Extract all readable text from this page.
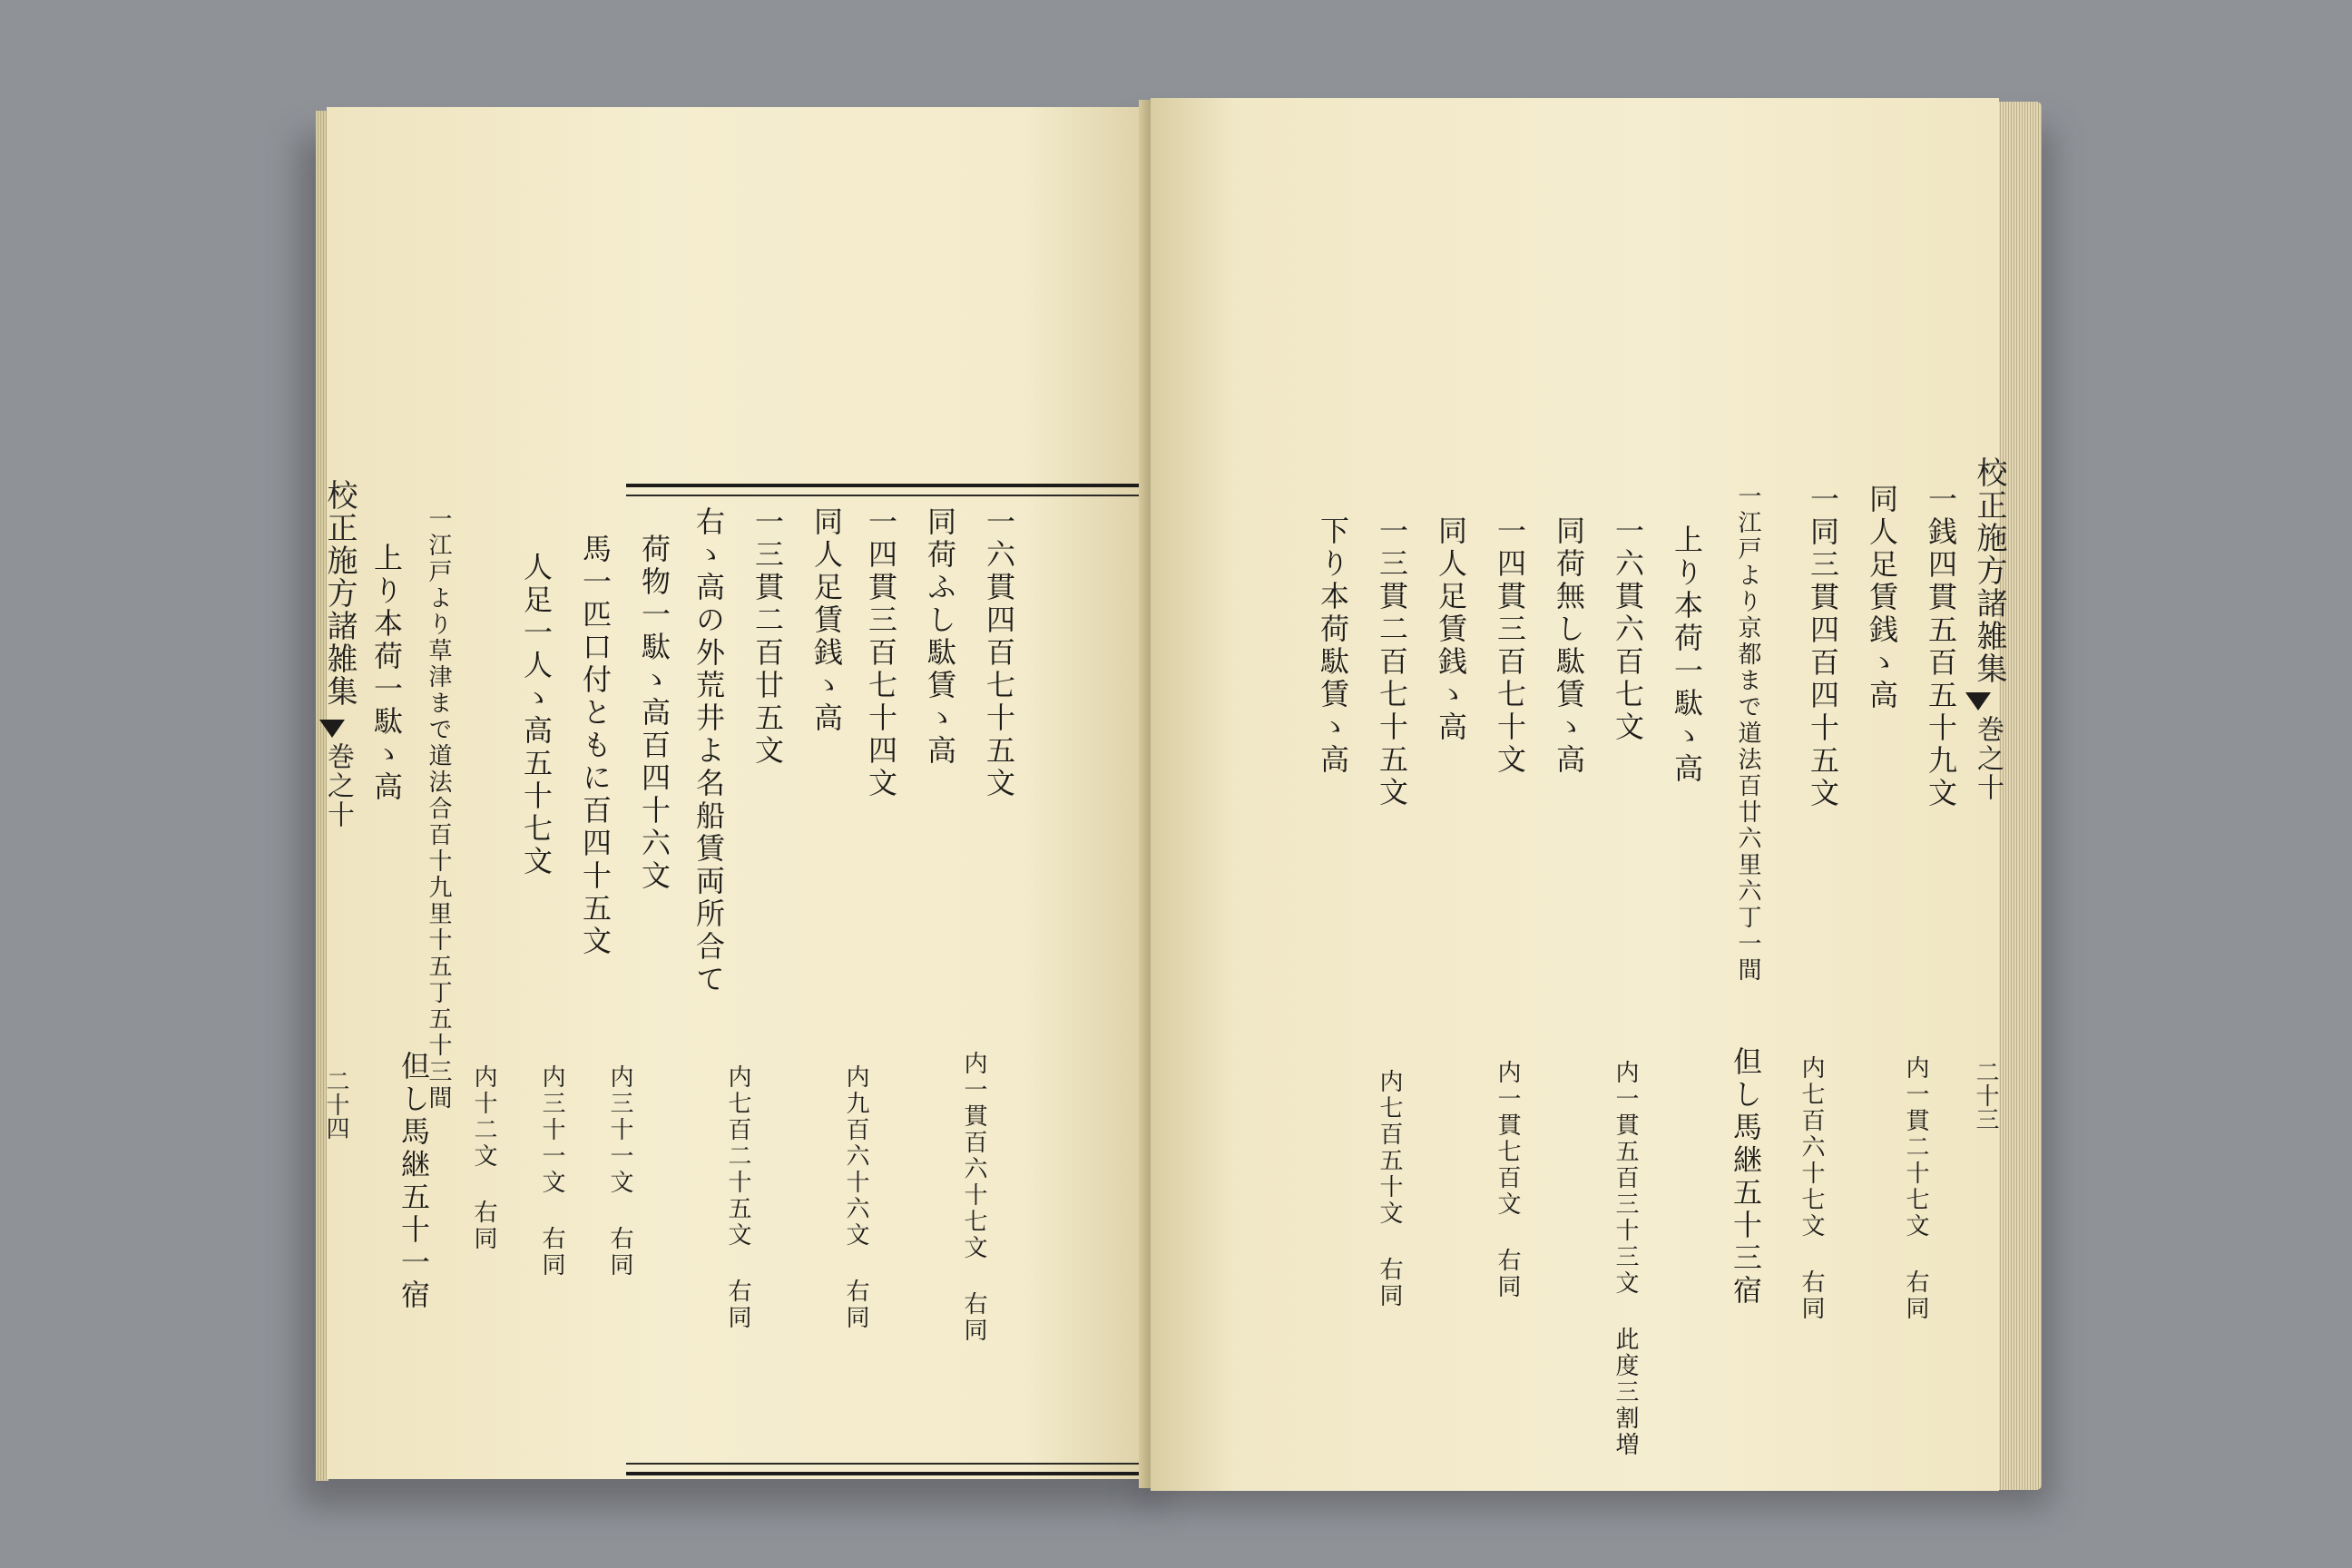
校正施方諸雑集
巻之十
二十四
一六貫四百七十五文
同荷ふし駄賃ゝ高
一四貫三百七十四文
同人足賃銭ゝ高
一三貫二百廿五文
右ゝ高の外荒井よ名船賃両所合て
荷物一駄ゝ高百四十六文
馬一匹口付ともに百四十五文
人足一人ゝ高五十七文
一江戸より草津まで道法合百十九里十五丁五十三間
上り本荷一駄ゝ高
内一貫百六十七文 右同
内九百六十六文 右同
内七百二十五文 右同
内三十一文 右同
内三十一文 右同
内十二文 右同
但し馬継五十一宿
校正施方諸雑集
巻之十
二十三
一銭四貫五百五十九文
同人足賃銭ゝ高
一同三貫四百四十五文
一江戸より京都まで道法百廿六里六丁一間
上り本荷一駄ゝ高
一六貫六百七文
同荷無し駄賃ゝ高
一四貫三百七十文
同人足賃銭ゝ高
一三貫二百七十五文
下り本荷駄賃ゝ高
内一貫二十七文 右同
内七百六十七文 右同
但し馬継五十三宿
内一貫五百三十三文 此度三割増
内一貫七百文 右同
内七百五十文 右同
